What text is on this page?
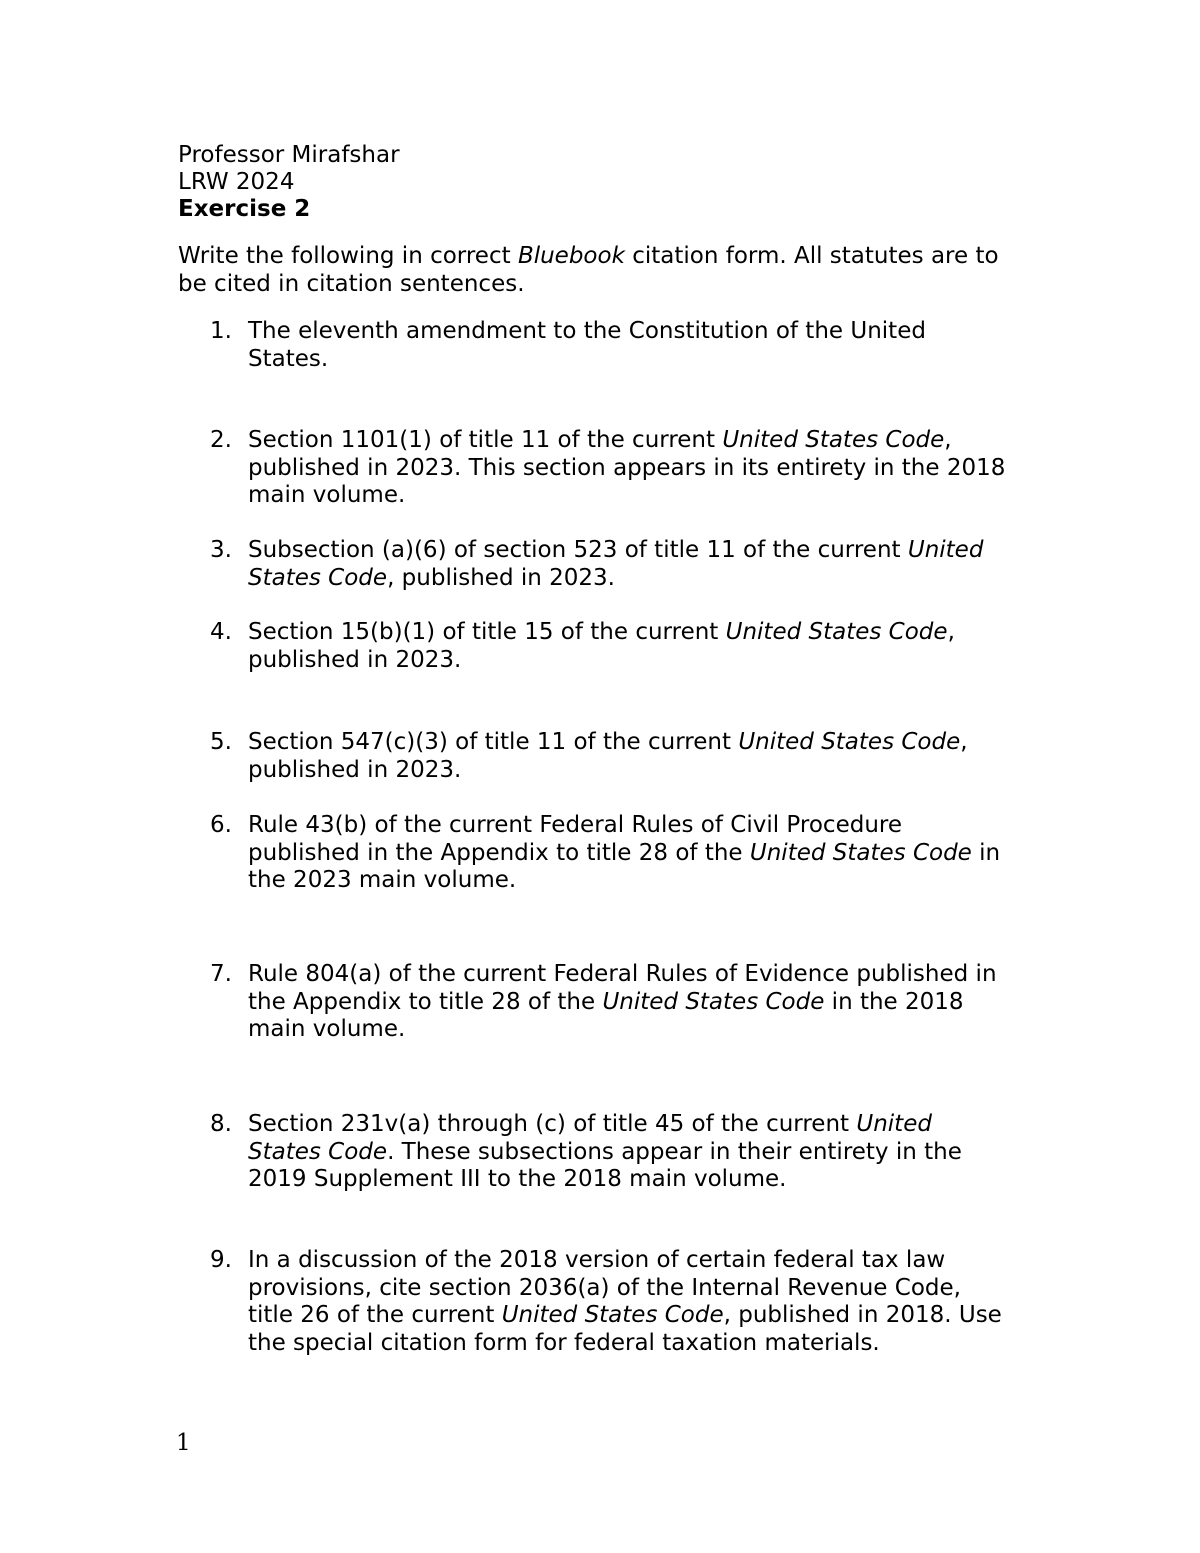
Professor Mirafshar
LRW 2024
Exercise 2
Write the following in correct Bluebook citation form. All statutes are to
be cited in citation sentences.
1. The eleventh amendment to the Constitution of the United
States.
2. Section 1101(1) of title 11 of the current United States Code,
published in 2023. This section appears in its entirety in the 2018
main volume.
3. Subsection (a)(6) of section 523 of title 11 of the current United
States Code, published in 2023.
4. Section 15(b)(1) of title 15 of the current United States Code,
published in 2023.
5. Section 547(c)(3) of title 11 of the current United States Code,
published in 2023.
6. Rule 43(b) of the current Federal Rules of Civil Procedure
published in the Appendix to title 28 of the United States Code in
the 2023 main volume.
7. Rule 804(a) of the current Federal Rules of Evidence published in
the Appendix to title 28 of the United States Code in the 2018
main volume.
8. Section 231v(a) through (c) of title 45 of the current United
States Code. These subsections appear in their entirety in the
2019 Supplement III to the 2018 main volume.
9. In a discussion of the 2018 version of certain federal tax law
provisions, cite section 2036(a) of the Internal Revenue Code,
title 26 of the current United States Code, published in 2018. Use
the special citation form for federal taxation materials.
1
